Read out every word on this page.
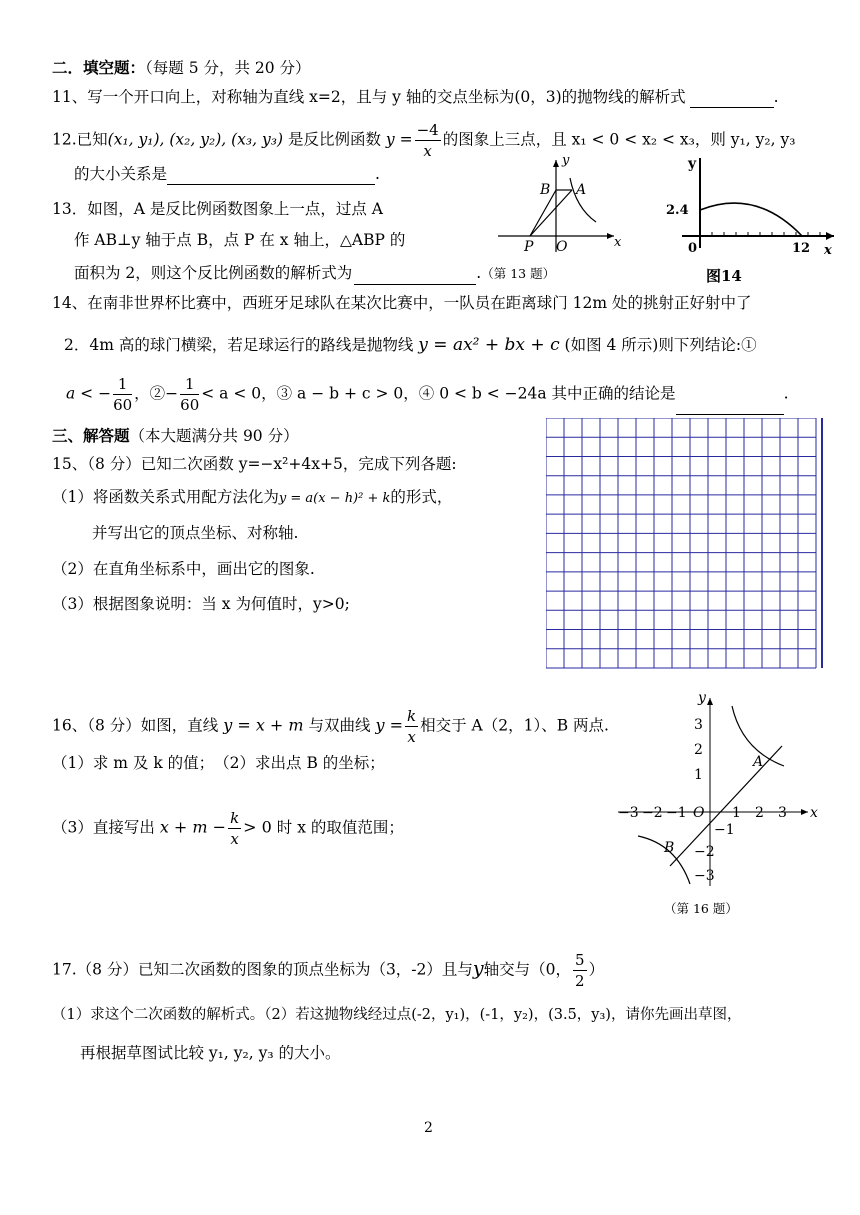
二．填空题：（每题 5 分，共 20 分）
11、写一个开口向上，对称轴为直线 x=2，且与 y 轴的交点坐标为(0，3)的抛物线的解析式	.
12.已知(x₁, y₁), (x₂, y₂), (x₃, y₃) 是反比例函数 $y = \frac{-4}{x}$ 的图象上三点，且 x₁ < 0 < x₂ < x₃，则 y₁, y₂, y₃
的大小关系是	.
13．如图，A 是反比例函数图象上一点，过点 A
作 AB⊥y 轴于点 B，点 P 在 x 轴上，△ABP 的
面积为 2，则这个反比例函数的解析式为	.（第 13 题）
y
B A
P O	x
y
2.4
0	12 x
图14
14、在南非世界杯比赛中，西班牙足球队在某次比赛中，一队员在距离球门 12m 处的挑射正好射中了
2．4m 高的球门横梁，若足球运行的路线是抛物线 y = ax² + bx + c (如图 4 所示)则下列结论:①
a < − $\frac{1}{60}$ ，②− $\frac{1}{60} < a < 0$，③ a − b + c > 0，④ 0 < b < −24a 其中正确的结论是	.
三、解答题（本大题满分共 90 分）
15、（8 分）已知二次函数 y=−x²+4x+5，完成下列各题:
（1）将函数关系式用配方法化为y = a(x − h)² + k的形式，
并写出它的顶点坐标、对称轴.
（2）在直角坐标系中，画出它的图象.
（3）根据图象说明：当 x 为何值时，y>0;
16、（8 分）如图，直线 y = x + m 与双曲线 $y = \frac{k}{x}$ 相交于 A（2，1）、B 两点.
（1）求 m 及 k 的值；　（2）求出点 B 的坐标；
（3）直接写出 $x + m - \frac{k}{x} > 0$ 时 x 的取值范围；
y
x
3
2
1
−1
−2
−3
−3 −2 −1 O 1 2 3
A
B
（第 16 题）
17.（8 分）已知二次函数的图象的顶点坐标为（3，-2）且与y轴交与（0， $\frac{5}{2}$ ）
（1）求这个二次函数的解析式。（2）若这抛物线经过点(-2，y₁)，(-1，y₂)，(3.5，y₃)，请你先画出草图，
再根据草图试比较 y₁, y₂, y₃ 的大小。
2
